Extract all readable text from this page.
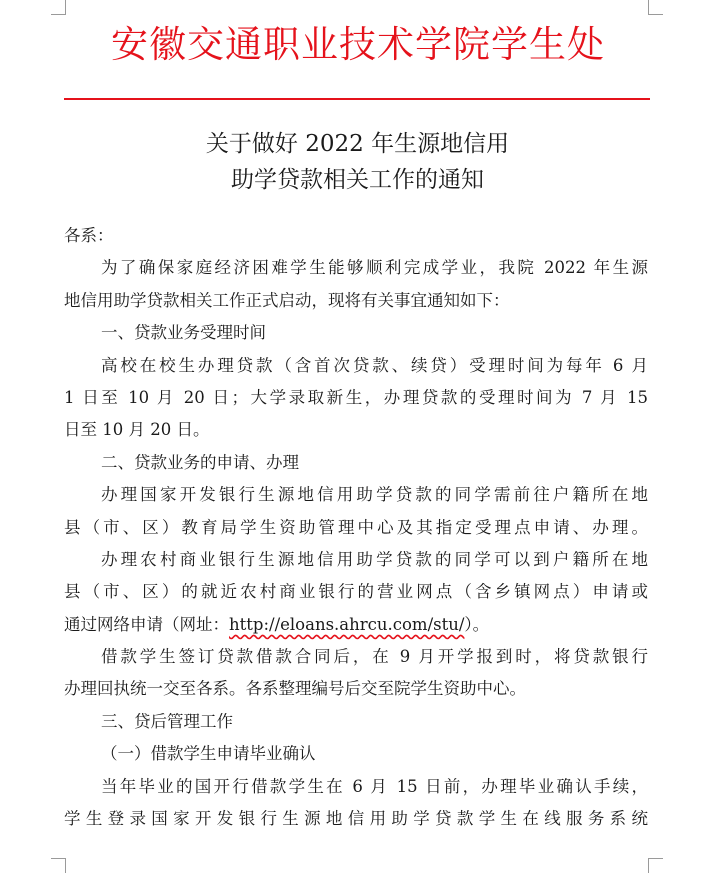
安徽交通职业技术学院学生处
关于做好 2022 年生源地信用
助学贷款相关工作的通知
各系：
为了确保家庭经济困难学生能够顺利完成学业，我院 2022 年生源
地信用助学贷款相关工作正式启动，现将有关事宜通知如下：
一、贷款业务受理时间
高校在校生办理贷款（含首次贷款、续贷）受理时间为每年 6 月
1 日至 10 月 20 日；大学录取新生，办理贷款的受理时间为 7 月 15
日至 10 月 20 日。
二、贷款业务的申请、办理
办理国家开发银行生源地信用助学贷款的同学需前往户籍所在地
县（市、区）教育局学生资助管理中心及其指定受理点申请、办理。
办理农村商业银行生源地信用助学贷款的同学可以到户籍所在地
县（市、区）的就近农村商业银行的营业网点（含乡镇网点）申请或
通过网络申请（网址：http://eloans.ahrcu.com/stu/）。
借款学生签订贷款借款合同后，在 9 月开学报到时，将贷款银行
办理回执统一交至各系。各系整理编号后交至院学生资助中心。
三、贷后管理工作
（一）借款学生申请毕业确认
当年毕业的国开行借款学生在 6 月 15 日前，办理毕业确认手续，
学生登录国家开发银行生源地信用助学贷款学生在线服务系统
